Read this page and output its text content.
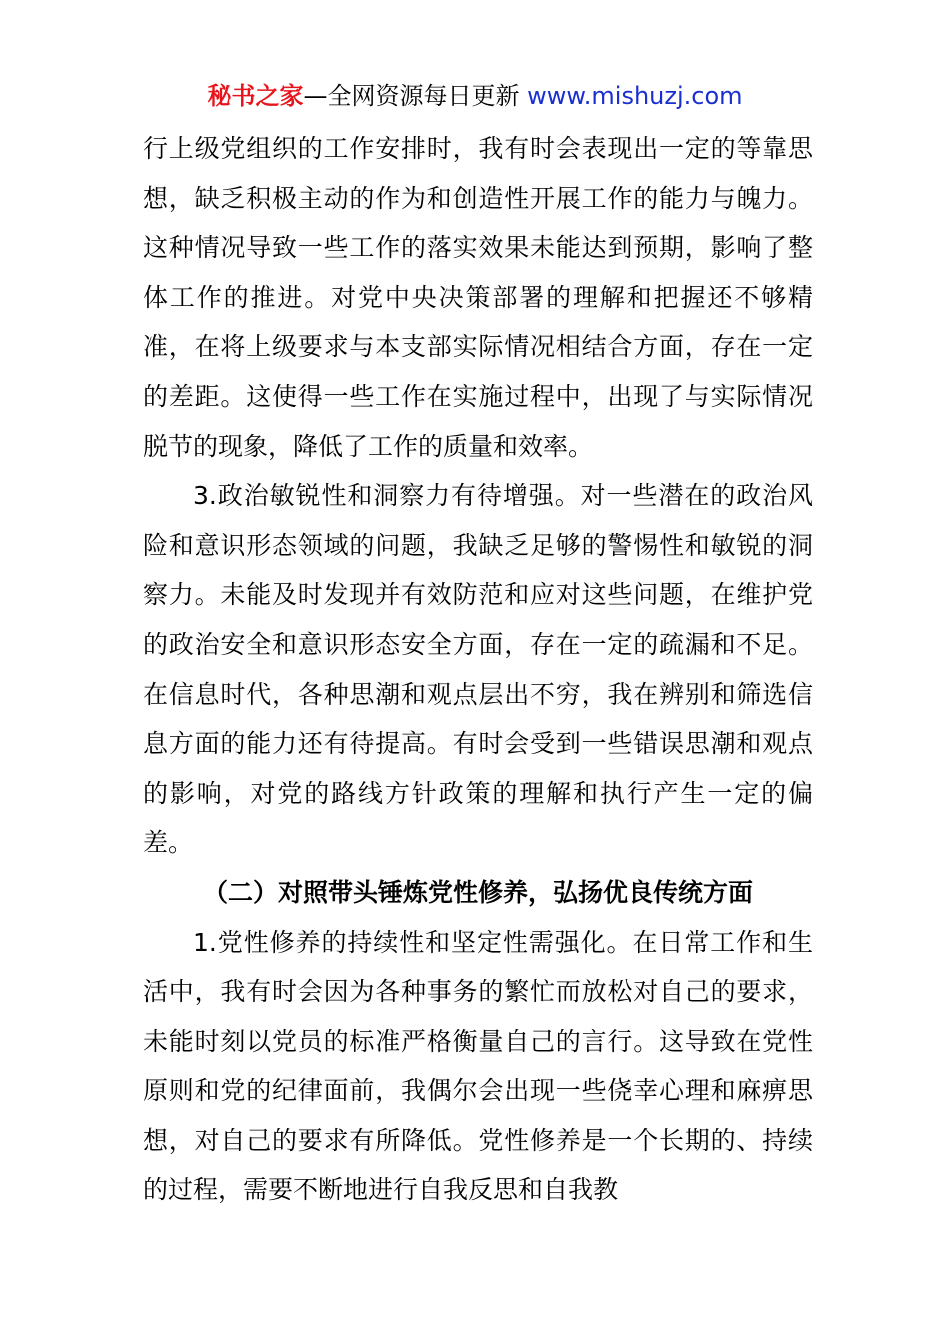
秘书之家—全网资源每日更新 www.mishuzj.com

行上级党组织的工作安排时，我有时会表现出一定的等靠思想，缺乏积极主动的作为和创造性开展工作的能力与魄力。这种情况导致一些工作的落实效果未能达到预期，影响了整体工作的推进。对党中央决策部署的理解和把握还不够精准，在将上级要求与本支部实际情况相结合方面，存在一定的差距。这使得一些工作在实施过程中，出现了与实际情况脱节的现象，降低了工作的质量和效率。

3.政治敏锐性和洞察力有待增强。对一些潜在的政治风险和意识形态领域的问题，我缺乏足够的警惕性和敏锐的洞察力。未能及时发现并有效防范和应对这些问题，在维护党的政治安全和意识形态安全方面，存在一定的疏漏和不足。在信息时代，各种思潮和观点层出不穷，我在辨别和筛选信息方面的能力还有待提高。有时会受到一些错误思潮和观点的影响，对党的路线方针政策的理解和执行产生一定的偏差。

（二）对照带头锤炼党性修养，弘扬优良传统方面

1.党性修养的持续性和坚定性需强化。在日常工作和生活中，我有时会因为各种事务的繁忙而放松对自己的要求，未能时刻以党员的标准严格衡量自己的言行。这导致在党性原则和党的纪律面前，我偶尔会出现一些侥幸心理和麻痹思想，对自己的要求有所降低。党性修养是一个长期的、持续的过程，需要不断地进行自我反思和自我教
